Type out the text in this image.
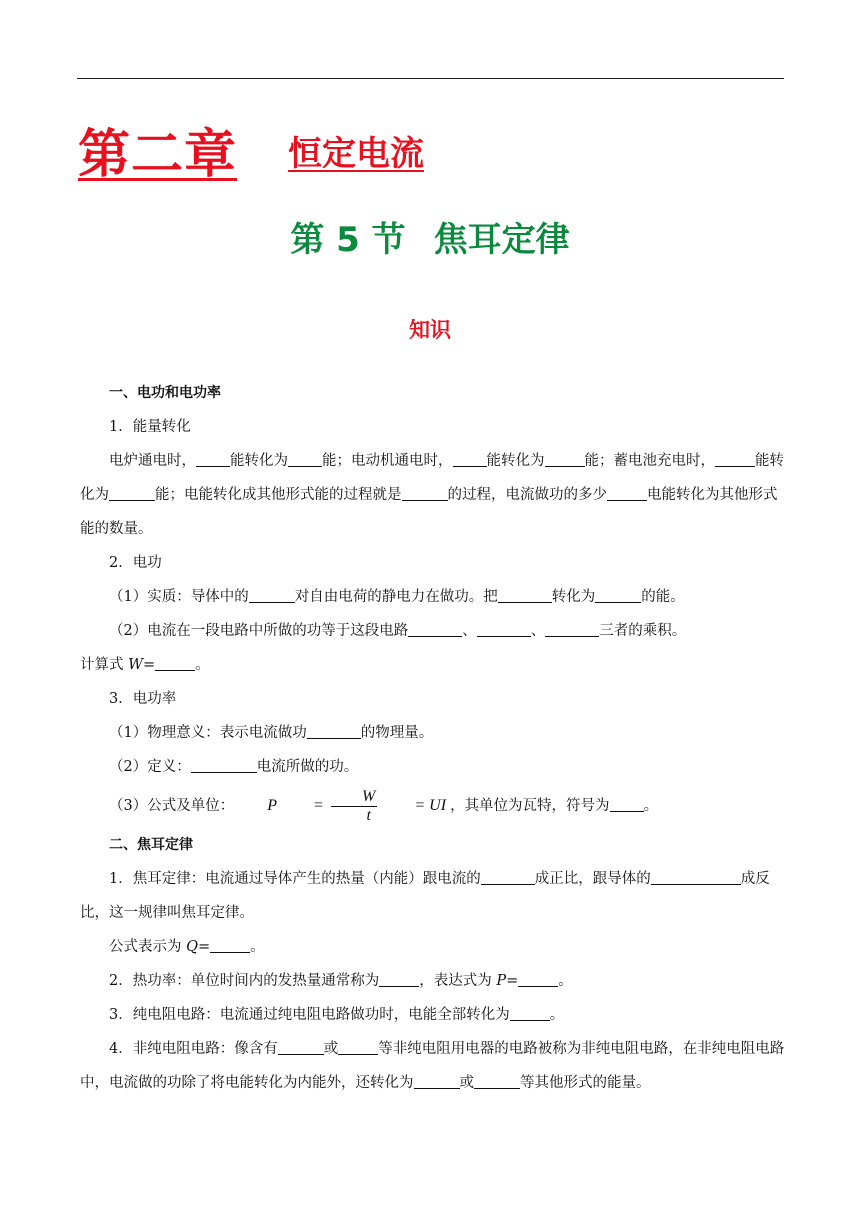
第二章 恒定电流
第 5 节 焦耳定律
知识

一、电功和电功率

1．能量转化

电炉通电时， 能转化为 能；电动机通电时， 能转化为	能；蓄电池充电时，	能转化为	能；电能转化成其他形式能的过程就是	的过程，电流做功的多少	电能转化为其他形式能的数量。

2．电功

（1）实质：导体中的	对自由电荷的静电力在做功。把	转化为	的能。

（2）电流在一段电路中所做的功等于这段电路	、	、	三者的乘积。

计算式 W=	。

3．电功率

（1）物理意义：表示电流做功	的物理量。

（2）定义：	电流所做的功。

（3）公式及单位： $P = \frac{W}{t}$ = UI ，其单位为瓦特，符号为 。

二、焦耳定律

1．焦耳定律：电流通过导体产生的热量（内能）跟电流的	成正比，跟导体的	成反比，这一规律叫焦耳定律。

公式表示为 Q=	。

2．热功率：单位时间内的发热量通常称为	，表达式为 P=	。

3．纯电阻电路：电流通过纯电阻电路做功时，电能全部转化为	。

4．非纯电阻电路：像含有	或	等非纯电阻用电器的电路被称为非纯电阻电路，在非纯电阻电路中，电流做的功除了将电能转化为内能外，还转化为	或	等其他形式的能量。
